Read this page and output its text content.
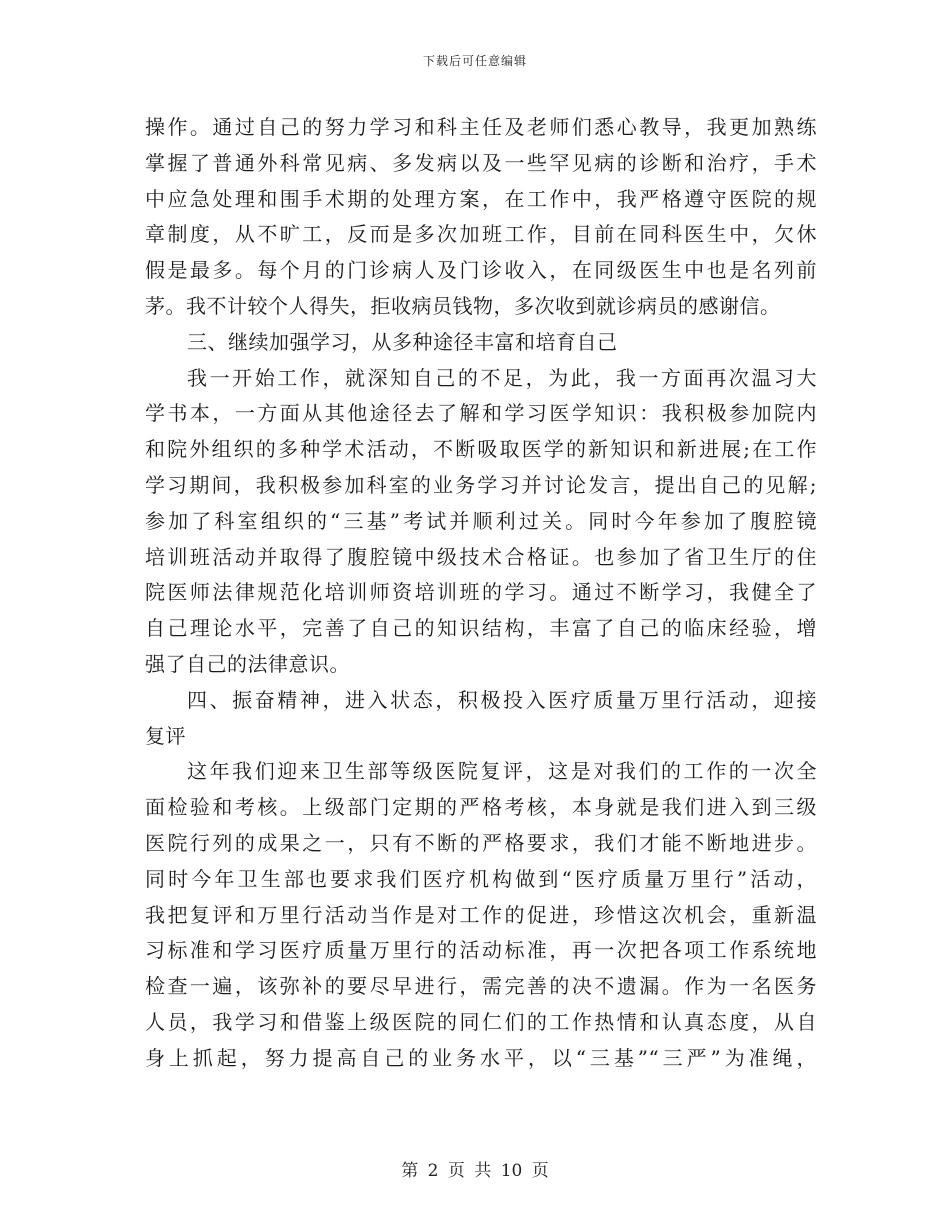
下载后可任意编辑
操作。通过自己的努力学习和科主任及老师们悉心教导，我更加熟练
掌握了普通外科常见病、多发病以及一些罕见病的诊断和治疗，手术
中应急处理和围手术期的处理方案，在工作中，我严格遵守医院的规
章制度，从不旷工，反而是多次加班工作，目前在同科医生中，欠休
假是最多。每个月的门诊病人及门诊收入，在同级医生中也是名列前
茅。我不计较个人得失，拒收病员钱物，多次收到就诊病员的感谢信。
三、继续加强学习，从多种途径丰富和培育自己
我一开始工作，就深知自己的不足，为此，我一方面再次温习大
学书本，一方面从其他途径去了解和学习医学知识：我积极参加院内
和院外组织的多种学术活动，不断吸取医学的新知识和新进展;在工作
学习期间，我积极参加科室的业务学习并讨论发言，提出自己的见解;
参加了科室组织的“三基”考试并顺利过关。同时今年参加了腹腔镜
培训班活动并取得了腹腔镜中级技术合格证。也参加了省卫生厅的住
院医师法律规范化培训师资培训班的学习。通过不断学习，我健全了
自己理论水平，完善了自己的知识结构，丰富了自己的临床经验，增
强了自己的法律意识。
四、振奋精神，进入状态，积极投入医疗质量万里行活动，迎接
复评
这年我们迎来卫生部等级医院复评，这是对我们的工作的一次全
面检验和考核。上级部门定期的严格考核，本身就是我们进入到三级
医院行列的成果之一，只有不断的严格要求，我们才能不断地进步。
同时今年卫生部也要求我们医疗机构做到“医疗质量万里行”活动，
我把复评和万里行活动当作是对工作的促进，珍惜这次机会，重新温
习标准和学习医疗质量万里行的活动标准，再一次把各项工作系统地
检查一遍，该弥补的要尽早进行，需完善的决不遗漏。作为一名医务
人员，我学习和借鉴上级医院的同仁们的工作热情和认真态度，从自
身上抓起，努力提高自己的业务水平，以“三基”“三严”为准绳，
第 2 页 共 10 页
